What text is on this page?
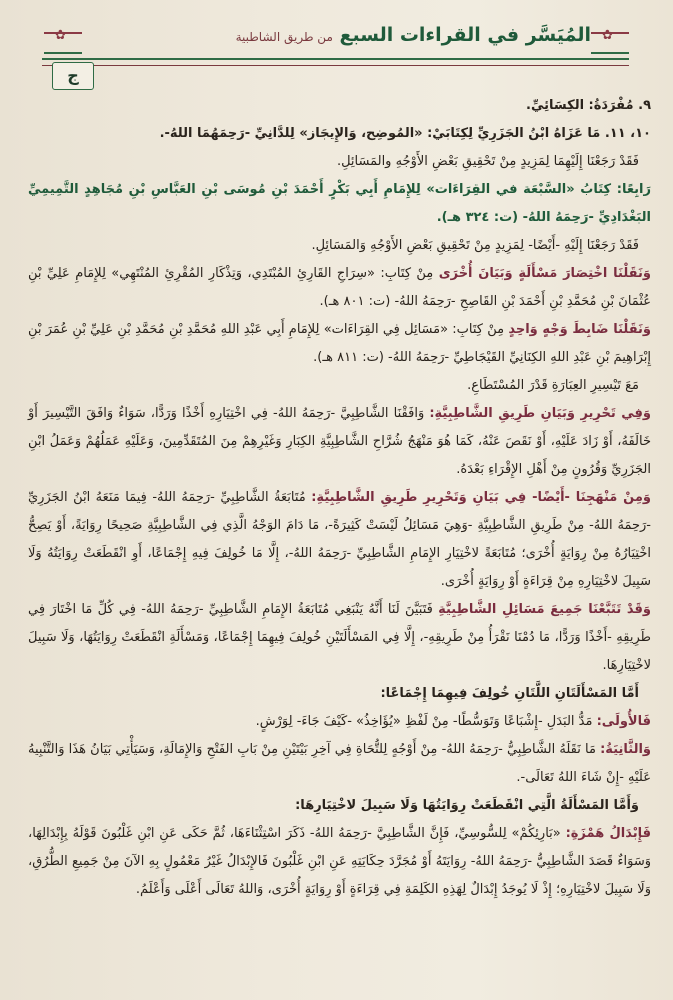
✿
المُيَسَّر في القراءات السبع من طريق الشاطبية
✿
ج

٩. مُفْرَدَةُ: الكِسَائِيِّ.

١٠، ١١. مَا عَزَاهُ ابْنُ الجَزَرِيِّ لِكِتَابَيْ: «المُوضِح، وَالإِيجَاز» لِلدَّانِيِّ -رَحِمَهُمَا اللهُ-.

فَقَدْ رَجَعْنَا إِلَيْهِمَا لِمَزِيدٍ مِنْ تَحْقِيقِ بَعْضِ الأَوْجُهِ والمَسَائِلِ.

رَابِعًا: كِتَابُ «السَّبْعَة في القِرَاءَات» لِلإِمَامِ أَبِي بَكْرٍ أَحْمَدَ بْنِ مُوسَى بْنِ العَبَّاسِ بْنِ مُجَاهِدٍ التَّمِيمِيِّ البَغْدَادِيِّ -رَحِمَهُ اللهُ- (ت: ٣٢٤ هـ).

فَقَدْ رَجَعْنَا إِلَيْهِ -أَيْضًا- لِمَزِيدٍ مِنْ تَحْقِيقِ بَعْضِ الأَوْجُهِ وَالمَسَائِلِ.

وَنَقَلْنَا اخْتِصَارَ مَسْأَلَةٍ وَبَيَانَ أُخْرَى مِنْ كِتَابِ: «سِرَاجِ القَارِئِ المُبْتَدِي، وَتِذْكَارِ المُقْرِئِ المُنْتَهِي» لِلإِمَامِ عَلِيِّ بْنِ عُثْمَانَ بْنِ مُحَمَّدِ بْنِ أَحْمَدَ بْنِ القَاصِحِ -رَحِمَهُ اللهُ- (ت: ٨٠١ هـ).

وَنَقَلْنَا ضَابِطَ وَجْهٍ وَاحِدٍ مِنْ كِتَابِ: «مَسَائِل فِي القِرَاءَات» لِلإِمَامِ أَبِي عَبْدِ اللهِ مُحَمَّدِ بْنِ مُحَمَّدِ بْنِ عَلِيِّ بْنِ عُمَرَ بْنِ إِبْرَاهِيمَ بْنِ عَبْدِ اللهِ الكِنَانِيِّ القَيْجَاطِيِّ -رَحِمَهُ اللهُ- (ت: ٨١١ هـ).

مَعَ تَيْسِيرِ العِبَارَةِ قَدْرَ المُسْتَطَاعِ.

وَفِي تَحْرِيرِ وَبَيَانِ طَرِيقِ الشَّاطِبِيَّةِ: وَافَقْنَا الشَّاطِبِيَّ -رَحِمَهُ اللهُ- فِي اخْتِيَارِهِ أَخْذًا وَرَدًّا، سَوَاءٌ وَافَقَ التَّيْسِيرَ أَوْ خَالَفَهُ، أَوْ زَادَ عَلَيْهِ، أَوْ نَقَصَ عَنْهُ، كَمَا هُوَ مَنْهَجُ شُرَّاحِ الشَّاطِبِيَّةِ الكِبَارِ وَغَيْرِهِمْ مِنَ المُتَقَدِّمِينَ، وَعَلَيْهِ عَمَلُهُمْ وَعَمَلُ ابْنِ الجَزَرِيِّ وَقُرُونٍ مِنْ أَهْلِ الإِقْرَاءِ بَعْدَهُ.

وَمِنْ مَنْهَجِنَا -أَيْضًا- فِي بَيَانِ وَتَحْرِيرِ طَرِيقِ الشَّاطِبِيَّةِ: مُتَابَعَةُ الشَّاطِبِيِّ -رَحِمَهُ اللهُ- فِيمَا مَنَعَهُ ابْنُ الجَزَرِيِّ -رَحِمَهُ اللهُ- مِنْ طَرِيقِ الشَّاطِبِيَّةِ -وَهِيَ مَسَائِلُ لَيْسَتْ كَثِيرَةً-، مَا دَامَ الوَجْهُ الَّذِي فِي الشَّاطِبِيَّةِ صَحِيحًا رِوَايَةً، أَوْ يَصِحُّ اخْتِيَارُهُ مِنْ رِوَايَةٍ أُخْرَى؛ مُتَابَعَةً لاخْتِيَارِ الإِمَامِ الشَّاطِبِيِّ -رَحِمَهُ اللهُ-، إِلَّا مَا خُولِفَ فِيهِ إِجْمَاعًا، أَوِ انْقَطَعَتْ رِوَايَتُهُ وَلَا سَبِيلَ لاخْتِيَارِهِ مِنْ قِرَاءَةٍ أَوْ رِوَايَةٍ أُخْرَى.

وَقَدْ تَتَبَّعْنَا جَمِيعَ مَسَائِلِ الشَّاطِبِيَّةِ فَتَبَيَّنَ لَنَا أَنَّهُ يَنْبَغِي مُتَابَعَةُ الإِمَامِ الشَّاطِبِيِّ -رَحِمَهُ اللهُ- فِي كُلِّ مَا اخْتَارَ فِي طَرِيقِهِ -أَخْذًا وَرَدًّا، مَا دُمْنَا نَقْرَأُ مِنْ طَرِيقِهِ-، إِلَّا فِي المَسْأَلَتَيْنِ خُولِفَ فِيهِمَا إِجْمَاعًا، وَمَسْأَلَةِ انْقَطَعَتْ رِوَايَتُهَا، وَلَا سَبِيلَ لاخْتِيَارِهَا.

أَمَّا المَسْأَلَتَانِ اللَّتَانِ خُولِفَ فِيهِمَا إِجْمَاعًا:

فَالأُولَى: مَدُّ البَدَلِ -إِشْبَاعًا وَتَوَسُّطًا- مِنْ لَفْظِ «يُؤَاخِذُ» -كَيْفَ جَاءَ- لِوَرْشٍ.

وَالثَّانِيَةُ: مَا نَقَلَهُ الشَّاطِبِيُّ -رَحِمَهُ اللهُ- مِنْ أَوْجُهٍ لِلتُّحَاةِ فِي آخِرِ بَيْتَيْنِ مِنْ بَابِ الفَتْحِ وَالإِمَالَةِ، وَسَيَأْتِي بَيَانُ هَذَا وَالتَّنْبِيهُ عَلَيْهِ -إِنْ شَاءَ اللهُ تَعَالَى-.

وَأَمَّا المَسْأَلَةُ الَّتِي انْقَطَعَتْ رِوَايَتُهَا وَلَا سَبِيلَ لاخْتِيَارِهَا:

فَإِبْدَالُ هَمْزَةِ: «بَارِئِكُمْ» لِلسُّوسِيِّ، فَإِنَّ الشَّاطِبِيَّ -رَحِمَهُ اللهُ- ذَكَرَ اسْتِثْنَاءَهَا، ثُمَّ حَكَى عَنِ ابْنِ غَلْبُونَ قَوْلَهُ بِإِبْدَالِهَا، وَسَوَاءٌ قَصَدَ الشَّاطِبِيُّ -رَحِمَهُ اللهُ- رِوَايَتَهُ أَوْ مُجَرَّدَ حِكَايَتِهِ عَنِ ابْنِ غَلْبُونَ فَالإِبْدَالُ غَيْرُ مَعْمُولٍ بِهِ الآنَ مِنْ جَمِيعِ الطُّرُقِ، وَلَا سَبِيلَ لاخْتِيَارِهِ؛ إِذْ لَا يُوجَدُ إِبْدَالٌ لِهَذِهِ الكَلِمَةِ فِي قِرَاءَةٍ أَوْ رِوَايَةٍ أُخْرَى، وَاللهُ تَعَالَى أَعْلَى وَأَعْلَمُ.
